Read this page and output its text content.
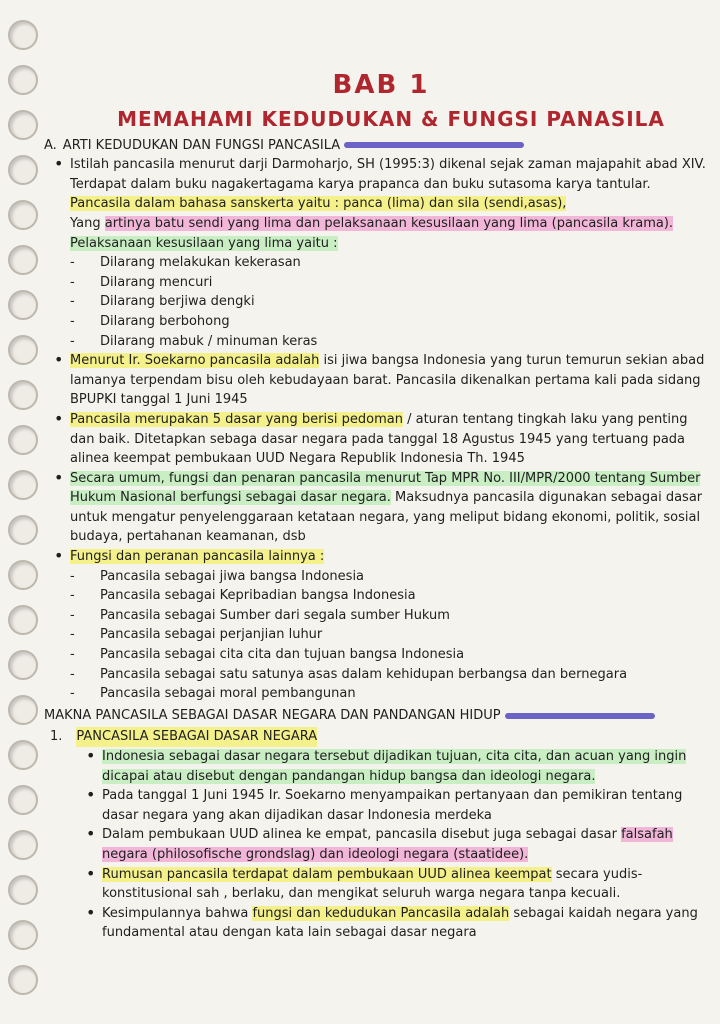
BAB 1
MEMAHAMI KEDUDUKAN & FUNGSI PANASILA
A. ARTI KEDUDUKAN DAN FUNGSI PANCASILA
• Istilah pancasila menurut darji Darmoharjo, SH (1995:3) dikenal sejak zaman majapahit abad XIV. Terdapat dalam buku nagakertagama karya prapanca dan buku sutasoma karya tantular.
Pancasila dalam bahasa sanskerta yaitu : panca (lima) dan sila (sendi,asas),
Yang artinya batu sendi yang lima dan pelaksanaan kesusilaan yang lima (pancasila krama).
Pelaksanaan kesusilaan yang lima yaitu :
- Dilarang melakukan kekerasan
- Dilarang mencuri
- Dilarang berjiwa dengki
- Dilarang berbohong
- Dilarang mabuk / minuman keras
• Menurut Ir. Soekarno pancasila adalah isi jiwa bangsa Indonesia yang turun temurun sekian abad lamanya terpendam bisu oleh kebudayaan barat. Pancasila dikenalkan pertama kali pada sidang BPUPKI tanggal 1 Juni 1945
• Pancasila merupakan 5 dasar yang berisi pedoman / aturan tentang tingkah laku yang penting dan baik. Ditetapkan sebaga dasar negara pada tanggal 18 Agustus 1945 yang tertuang pada alinea keempat pembukaan UUD Negara Republik Indonesia Th. 1945
• Secara umum, fungsi dan penaran pancasila menurut Tap MPR No. III/MPR/2000 tentang Sumber Hukum Nasional berfungsi sebagai dasar negara. Maksudnya pancasila digunakan sebagai dasar untuk mengatur penyelenggaraan ketataan negara, yang meliput bidang ekonomi, politik, sosial budaya, pertahanan keamanan, dsb
• Fungsi dan peranan pancasila lainnya :
- Pancasila sebagai jiwa bangsa Indonesia
- Pancasila sebagai Kepribadian bangsa Indonesia
- Pancasila sebagai Sumber dari segala sumber Hukum
- Pancasila sebagai perjanjian luhur
- Pancasila sebagai cita cita dan tujuan bangsa Indonesia
- Pancasila sebagai satu satunya asas dalam kehidupan berbangsa dan bernegara
- Pancasila sebagai moral pembangunan
MAKNA PANCASILA SEBAGAI DASAR NEGARA DAN PANDANGAN HIDUP
1. PANCASILA SEBAGAI DASAR NEGARA
• Indonesia sebagai dasar negara tersebut dijadikan tujuan, cita cita, dan acuan yang ingin dicapai atau disebut dengan pandangan hidup bangsa dan ideologi negara.
• Pada tanggal 1 Juni 1945 Ir. Soekarno menyampaikan pertanyaan dan pemikiran tentang dasar negara yang akan dijadikan dasar Indonesia merdeka
• Dalam pembukaan UUD alinea ke empat, pancasila disebut juga sebagai dasar falsafah negara (philosofische grondslag) dan ideologi negara (staatidee).
• Rumusan pancasila terdapat dalam pembukaan UUD alinea keempat secara yudis-konstitusional sah , berlaku, dan mengikat seluruh warga negara tanpa kecuali.
• Kesimpulannya bahwa fungsi dan kedudukan Pancasila adalah sebagai kaidah negara yang fundamental atau dengan kata lain sebagai dasar negara
